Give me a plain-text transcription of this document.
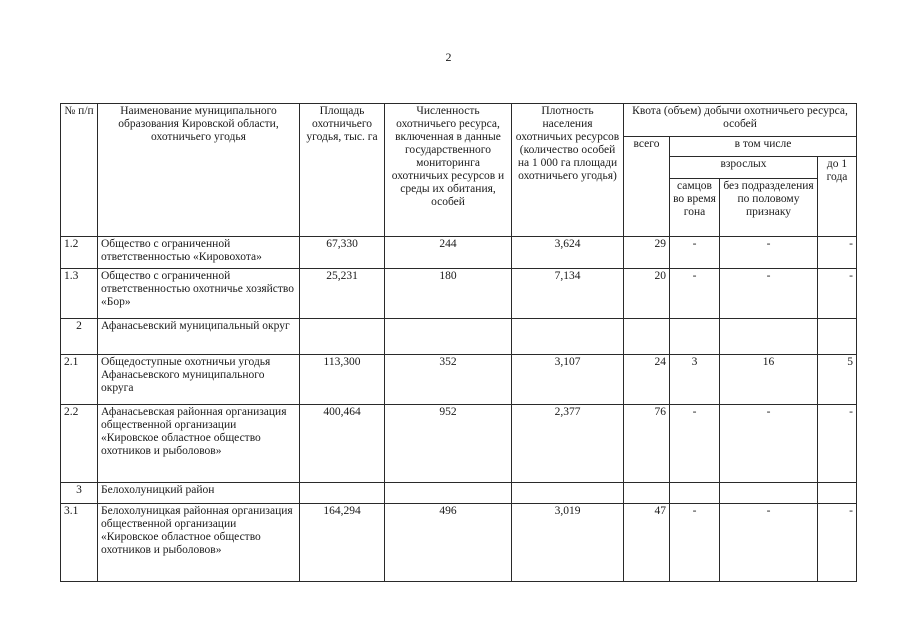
2
№ п/п	Наименование муниципального образования Кировской области, охотничьего угодья	Площадь охотничьего угодья, тыс. га	Численность охотничьего ресурса, включенная в данные государственного мониторинга охотничьих ресурсов и среды их обитания, особей	Плотность населения охотничьих ресурсов (количество особей на 1 000 га площади охотничьего угодья)	Квота (объем) добычи охотничьего ресурса, особей			
					всего	в том числе		
						взрослых		до 1 года
						самцов во время гона	без подразделения по половому признаку	
1.2	Общество с ограниченной ответственностью «Кировохота»	67,330	244	3,624	29	-	-	-
1.3	Общество с ограниченной ответственностью охотничье хозяйство «Бор»	25,231	180	7,134	20	-	-	-
2	Афанасьевский муниципальный округ							
2.1	Общедоступные охотничьи угодья Афанасьевского муниципального округа	113,300	352	3,107	24	3	16	5
2.2	Афанасьевская районная организация общественной организации «Кировское областное общество охотников и рыболовов»	400,464	952	2,377	76	-	-	-
3	Белохолуницкий район							
3.1	Белохолуницкая районная организация общественной организации «Кировское областное общество охотников и рыболовов»	164,294	496	3,019	47	-	-	-
